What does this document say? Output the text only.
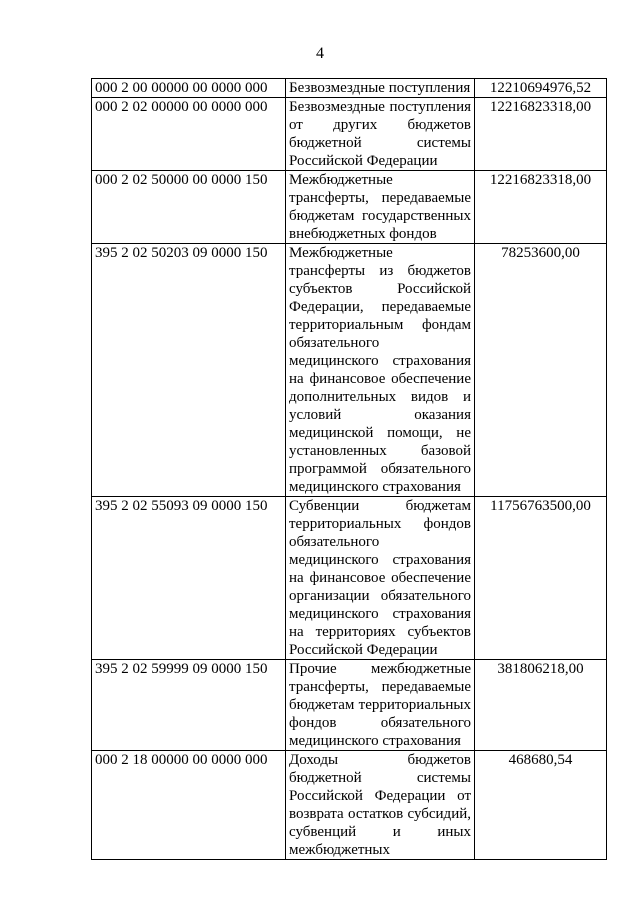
4
000 2 00 00000 00 0000 000	Безвозмездные поступления	12210694976,52
000 2 02 00000 00 0000 000	Безвозмездные поступления от других бюджетов бюджетной системы Российской Федерации	12216823318,00
000 2 02 50000 00 0000 150	Межбюджетные трансферты, передаваемые бюджетам государственных внебюджетных фондов	12216823318,00
395 2 02 50203 09 0000 150	Межбюджетные трансферты из бюджетов субъектов Российской Федерации, передаваемые территориальным фондам обязательного медицинского страхования на финансовое обеспечение дополнительных видов и условий оказания медицинской помощи, не установленных базовой программой обязательного медицинского страхования	78253600,00
395 2 02 55093 09 0000 150	Субвенции бюджетам территориальных фондов обязательного медицинского страхования на финансовое обеспечение организации обязательного медицинского страхования на территориях субъектов Российской Федерации	11756763500,00
395 2 02 59999 09 0000 150	Прочие межбюджетные трансферты, передаваемые бюджетам территориальных фондов обязательного медицинского страхования	381806218,00
000 2 18 00000 00 0000 000	Доходы бюджетов бюджетной системы Российской Федерации от возврата остатков субсидий, субвенций и иных межбюджетных	468680,54
